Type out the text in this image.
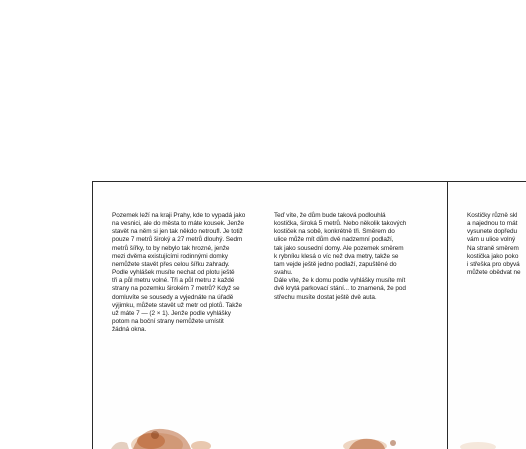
Pozemek leží na kraji Prahy, kde to vypadá jako
na vesnici, ale do města to máte kousek. Jenže
stavět na něm si jen tak někdo netroufl. Je totiž
pouze 7 metrů široký a 27 metrů dlouhý. Sedm
metrů šířky, to by nebylo tak hrozné, jenže
mezi dvěma existujícími rodinnými domky
nemůžete stavět přes celou šířku zahrady.
Podle vyhlášek musíte nechat od plotu ještě
tři a půl metru volné. Tři a půl metru z každé
strany na pozemku širokém 7 metrů? Když se
domluvíte se sousedy a vyjednáte na úřadě
výjimku, můžete stavět už metr od plotů. Takže
už máte 7 — (2 × 1). Jenže podle vyhlášky
potom na boční strany nemůžete umístit
žádná okna.
Teď víte, že dům bude taková podlouhlá
kostička, široká 5 metrů. Nebo několik takových
kostiček na sobě, konkrétně tři. Směrem do
ulice může mít dům dvě nadzemní podlaží,
tak jako sousední domy. Ale pozemek směrem
k rybníku klesá o víc než dva metry, takže se
tam vejde ještě jedno podlaží, zapuštěné do
svahu.
Dále víte, že k domu podle vyhlášky musíte mít
dvě krytá parkovací stání... to znamená, že pod
střechu musíte dostat ještě dvě auta.
Kostičky různě skl
a najednou to mát
vysunete dopředu
vám u ulice volný
Na straně směrem
kostička jako poko
i střeška pro obyvá
můžete obědvat ne
